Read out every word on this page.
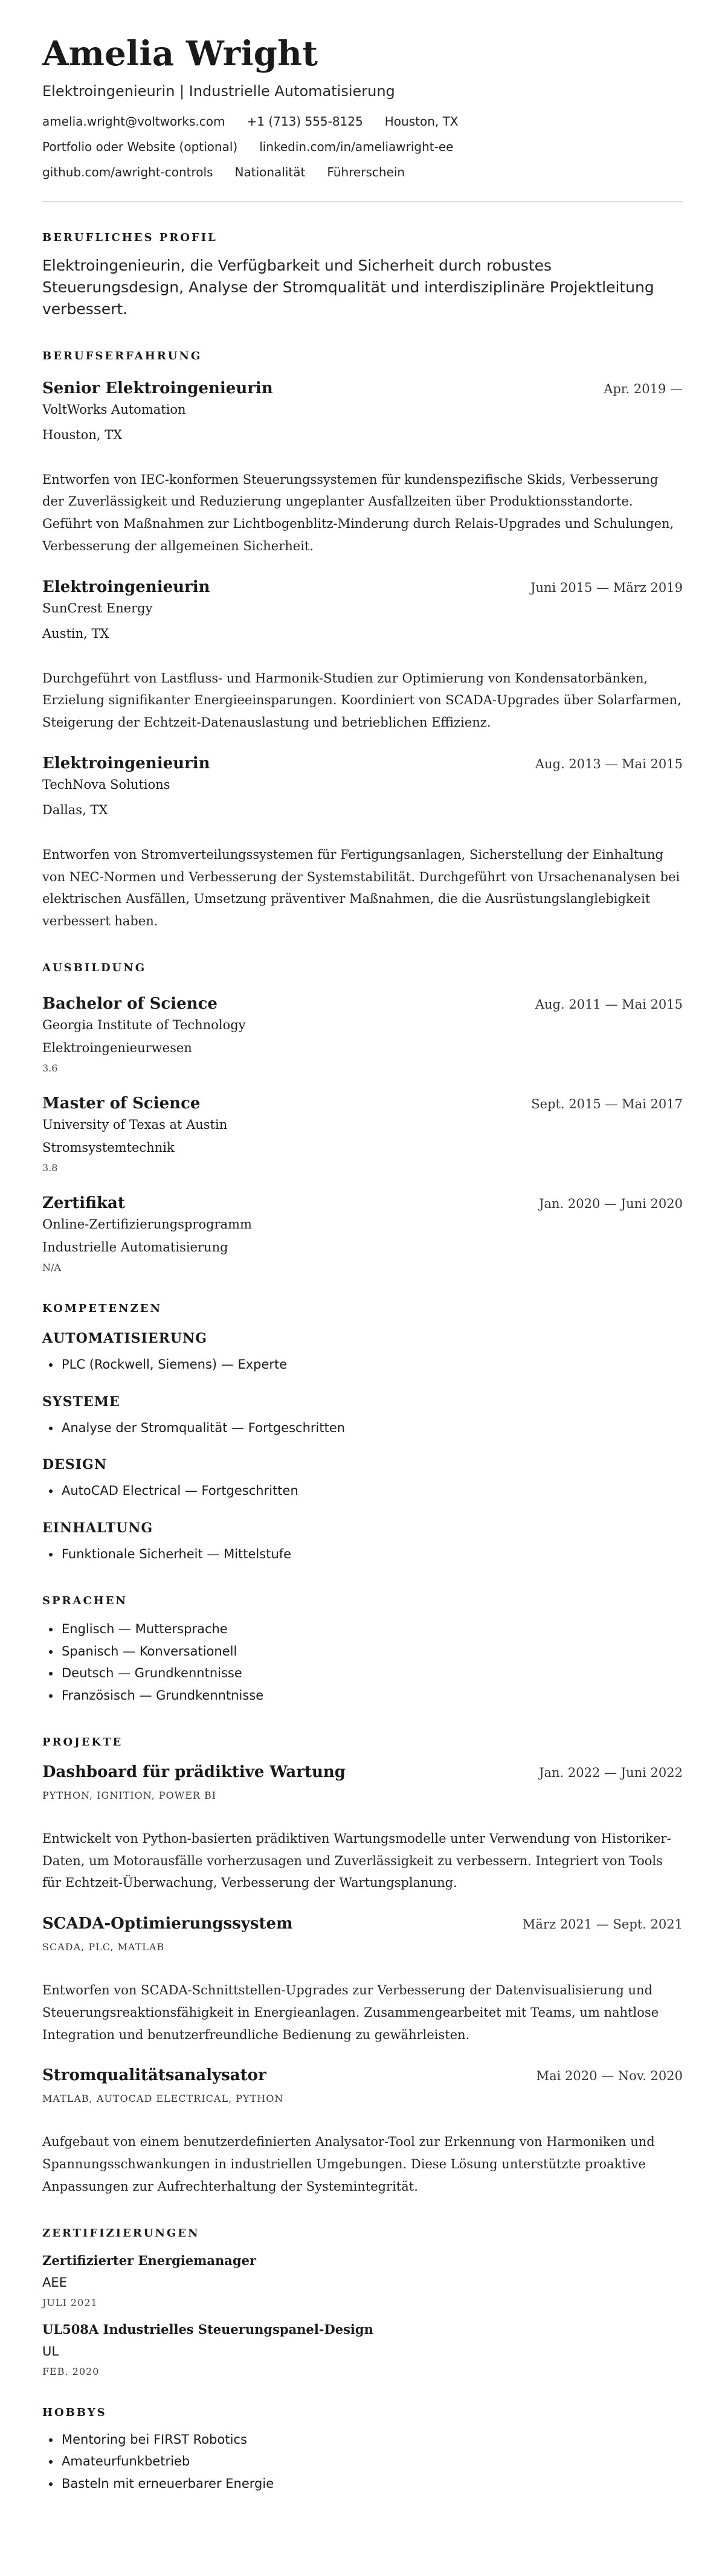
Amelia Wright
Elektroingenieurin | Industrielle Automatisierung
amelia.wright@voltworks.com +1 (713) 555-8125 Houston, TX
Portfolio oder Website (optional) linkedin.com/in/ameliawright-ee
github.com/awright-controls Nationalität Führerschein
BERUFLICHES PROFIL
Elektroingenieurin, die Verfügbarkeit und Sicherheit durch robustes Steuerungsdesign, Analyse der Stromqualität und interdisziplinäre Projektleitung verbessert.
BERUFSERFAHRUNG
Senior Elektroingenieurin	Apr. 2019 —
VoltWorks Automation
Houston, TX
Entworfen von IEC-konformen Steuerungssystemen für kundenspezifische Skids, Verbesserung der Zuverlässigkeit und Reduzierung ungeplanter Ausfallzeiten über Produktionsstandorte. Geführt von Maßnahmen zur Lichtbogenblitz-Minderung durch Relais-Upgrades und Schulungen, Verbesserung der allgemeinen Sicherheit.
Elektroingenieurin	Juni 2015 — März 2019
SunCrest Energy
Austin, TX
Durchgeführt von Lastfluss- und Harmonik-Studien zur Optimierung von Kondensatorbänken, Erzielung signifikanter Energieeinsparungen. Koordiniert von SCADA-Upgrades über Solarfarmen, Steigerung der Echtzeit-Datenauslastung und betrieblichen Effizienz.
Elektroingenieurin	Aug. 2013 — Mai 2015
TechNova Solutions
Dallas, TX
Entworfen von Stromverteilungssystemen für Fertigungsanlagen, Sicherstellung der Einhaltung von NEC-Normen und Verbesserung der Systemstabilität. Durchgeführt von Ursachenanalysen bei elektrischen Ausfällen, Umsetzung präventiver Maßnahmen, die die Ausrüstungslanglebigkeit verbessert haben.
AUSBILDUNG
Bachelor of Science	Aug. 2011 — Mai 2015
Georgia Institute of Technology
Elektroingenieurwesen
3.6
Master of Science	Sept. 2015 — Mai 2017
University of Texas at Austin
Stromsystemtechnik
3.8
Zertifikat	Jan. 2020 — Juni 2020
Online-Zertifizierungsprogramm
Industrielle Automatisierung
N/A
KOMPETENZEN
AUTOMATISIERUNG
• PLC (Rockwell, Siemens) — Experte
SYSTEME
• Analyse der Stromqualität — Fortgeschritten
DESIGN
• AutoCAD Electrical — Fortgeschritten
EINHALTUNG
• Funktionale Sicherheit — Mittelstufe
SPRACHEN
• Englisch — Muttersprache
• Spanisch — Konversationell
• Deutsch — Grundkenntnisse
• Französisch — Grundkenntnisse
PROJEKTE
Dashboard für prädiktive Wartung	Jan. 2022 — Juni 2022
PYTHON, IGNITION, POWER BI
Entwickelt von Python-basierten prädiktiven Wartungsmodelle unter Verwendung von Historiker-Daten, um Motorausfälle vorherzusagen und Zuverlässigkeit zu verbessern. Integriert von Tools für Echtzeit-Überwachung, Verbesserung der Wartungsplanung.
SCADA-Optimierungssystem	März 2021 — Sept. 2021
SCADA, PLC, MATLAB
Entworfen von SCADA-Schnittstellen-Upgrades zur Verbesserung der Datenvisualisierung und Steuerungsreaktionsfähigkeit in Energieanlagen. Zusammengearbeitet mit Teams, um nahtlose Integration und benutzerfreundliche Bedienung zu gewährleisten.
Stromqualitätsanalysator	Mai 2020 — Nov. 2020
MATLAB, AUTOCAD ELECTRICAL, PYTHON
Aufgebaut von einem benutzerdefinierten Analysator-Tool zur Erkennung von Harmoniken und Spannungsschwankungen in industriellen Umgebungen. Diese Lösung unterstützte proaktive Anpassungen zur Aufrechterhaltung der Systemintegrität.
ZERTIFIZIERUNGEN
Zertifizierter Energiemanager
AEE
JULI 2021
UL508A Industrielles Steuerungspanel-Design
UL
FEB. 2020
HOBBYS
• Mentoring bei FIRST Robotics
• Amateurfunkbetrieb
• Basteln mit erneuerbarer Energie
